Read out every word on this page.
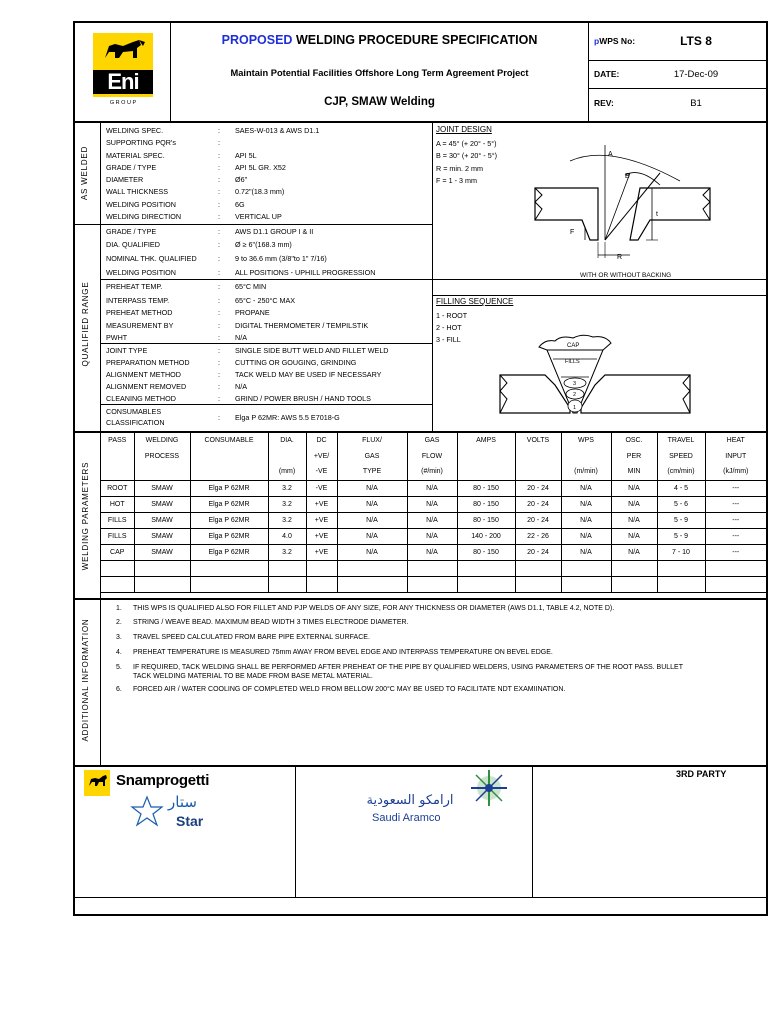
Eni
G R O U P
PROPOSED WELDING PROCEDURE SPECIFICATION
Maintain Potential Facilities Offshore Long Term Agreement Project
CJP, SMAW Welding
pWPS No:	LTS 8
DATE:	17-Dec-09
REV:	B1
AS WELDED
QUALIFIED RANGE
WELDING PARAMETERS
ADDITIONAL INFORMATION
WELDING SPEC.	: SAES-W-013 & AWS D1.1
SUPPORTING PQR's	:
MATERIAL SPEC.	: API 5L
GRADE / TYPE	: API 5L GR. X52
DIAMETER	: Ø6"
WALL THICKNESS	: 0.72"(18.3 mm)
WELDING POSITION	: 6G
WELDING DIRECTION	: VERTICAL UP
GRADE / TYPE	: AWS D1.1 GROUP I & II
DIA. QUALIFIED	: Ø ≥ 6"(168.3 mm)
NOMINAL THK. QUALIFIED	: 9 to 36.6 mm (3/8"to 1" 7/16)
WELDING POSITION	: ALL POSITIONS - UPHILL PROGRESSION
PREHEAT TEMP.	: 65°C MIN
INTERPASS TEMP.	: 65°C - 250°C MAX
PREHEAT METHOD	: PROPANE
MEASUREMENT BY	: DIGITAL THERMOMETER / TEMPILSTIK
PWHT	: N/A
JOINT TYPE	: SINGLE SIDE BUTT WELD AND FILLET WELD
PREPARATION METHOD	: CUTTING OR GOUGING, GRINDING
ALIGNMENT METHOD	: TACK WELD MAY BE USED IF NECESSARY
ALIGNMENT REMOVED	: N/A
CLEANING METHOD	: GRIND / POWER BRUSH / HAND TOOLS
CONSUMABLES
CLASSIFICATION
: Elga P 62MR: AWS 5.5 E7018-G
JOINT DESIGN
A = 45° (+ 20° - 5°)
B = 30° (+ 20° - 5°)
R = min. 2 mm
F = 1 - 3 mm
A
B
t
F
R
WITH OR WITHOUT BACKING
FILLING SEQUENCE
1 - ROOT
2 - HOT
3 - FILL
CAP
FILLS
3
2
1
PASS	WELDING	CONSUMABLE	DIA.	DC	FLUX/	GAS	AMPS	VOLTS	WPS	OSC.	TRAVEL	HEAT
	PROCESS			+VE/	GAS	FLOW				PER	SPEED	INPUT
			(mm)	-VE	TYPE	(#/min)			(m/min)	MIN	(cm/min)	(kJ/mm)
ROOT	SMAW	Elga P 62MR	3.2	-VE	N/A	N/A	80 - 150	20 - 24	N/A	N/A	4 - 5	---
HOT	SMAW	Elga P 62MR	3.2	+VE	N/A	N/A	80 - 150	20 - 24	N/A	N/A	5 - 6	---
FILLS	SMAW	Elga P 62MR	3.2	+VE	N/A	N/A	80 - 150	20 - 24	N/A	N/A	5 - 9	---
FILLS	SMAW	Elga P 62MR	4.0	+VE	N/A	N/A	140 - 200	22 - 26	N/A	N/A	5 - 9	---
CAP	SMAW	Elga P 62MR	3.2	+VE	N/A	N/A	80 - 150	20 - 24	N/A	N/A	7 - 10	---

1. THIS WPS IS QUALIFIED ALSO FOR FILLET AND PJP WELDS OF ANY SIZE, FOR ANY THICKNESS OR DIAMETER (AWS D1.1, TABLE 4.2, NOTE D).
2. STRING / WEAVE BEAD. MAXIMUM BEAD WIDTH 3 TIMES ELECTRODE DIAMETER.
3. TRAVEL SPEED CALCULATED FROM BARE PIPE EXTERNAL SURFACE.
4. PREHEAT TEMPERATURE IS MEASURED 75mm AWAY FROM BEVEL EDGE AND INTERPASS TEMPERATURE ON BEVEL EDGE.
5. IF REQUIRED, TACK WELDING SHALL BE PERFORMED AFTER PREHEAT OF THE PIPE BY QUALIFIED WELDERS, USING PARAMETERS OF THE ROOT PASS. BULLET
TACK WELDING MATERIAL TO BE MADE FROM BASE METAL MATERIAL.
6. FORCED AIR / WATER COOLING OF COMPLETED WELD FROM BELLOW 200°C MAY BE USED TO FACILITATE NDT EXAMIINATION.
Snamprogetti
ستار
Star
ارامكو السعودية
Saudi Aramco
3RD PARTY
